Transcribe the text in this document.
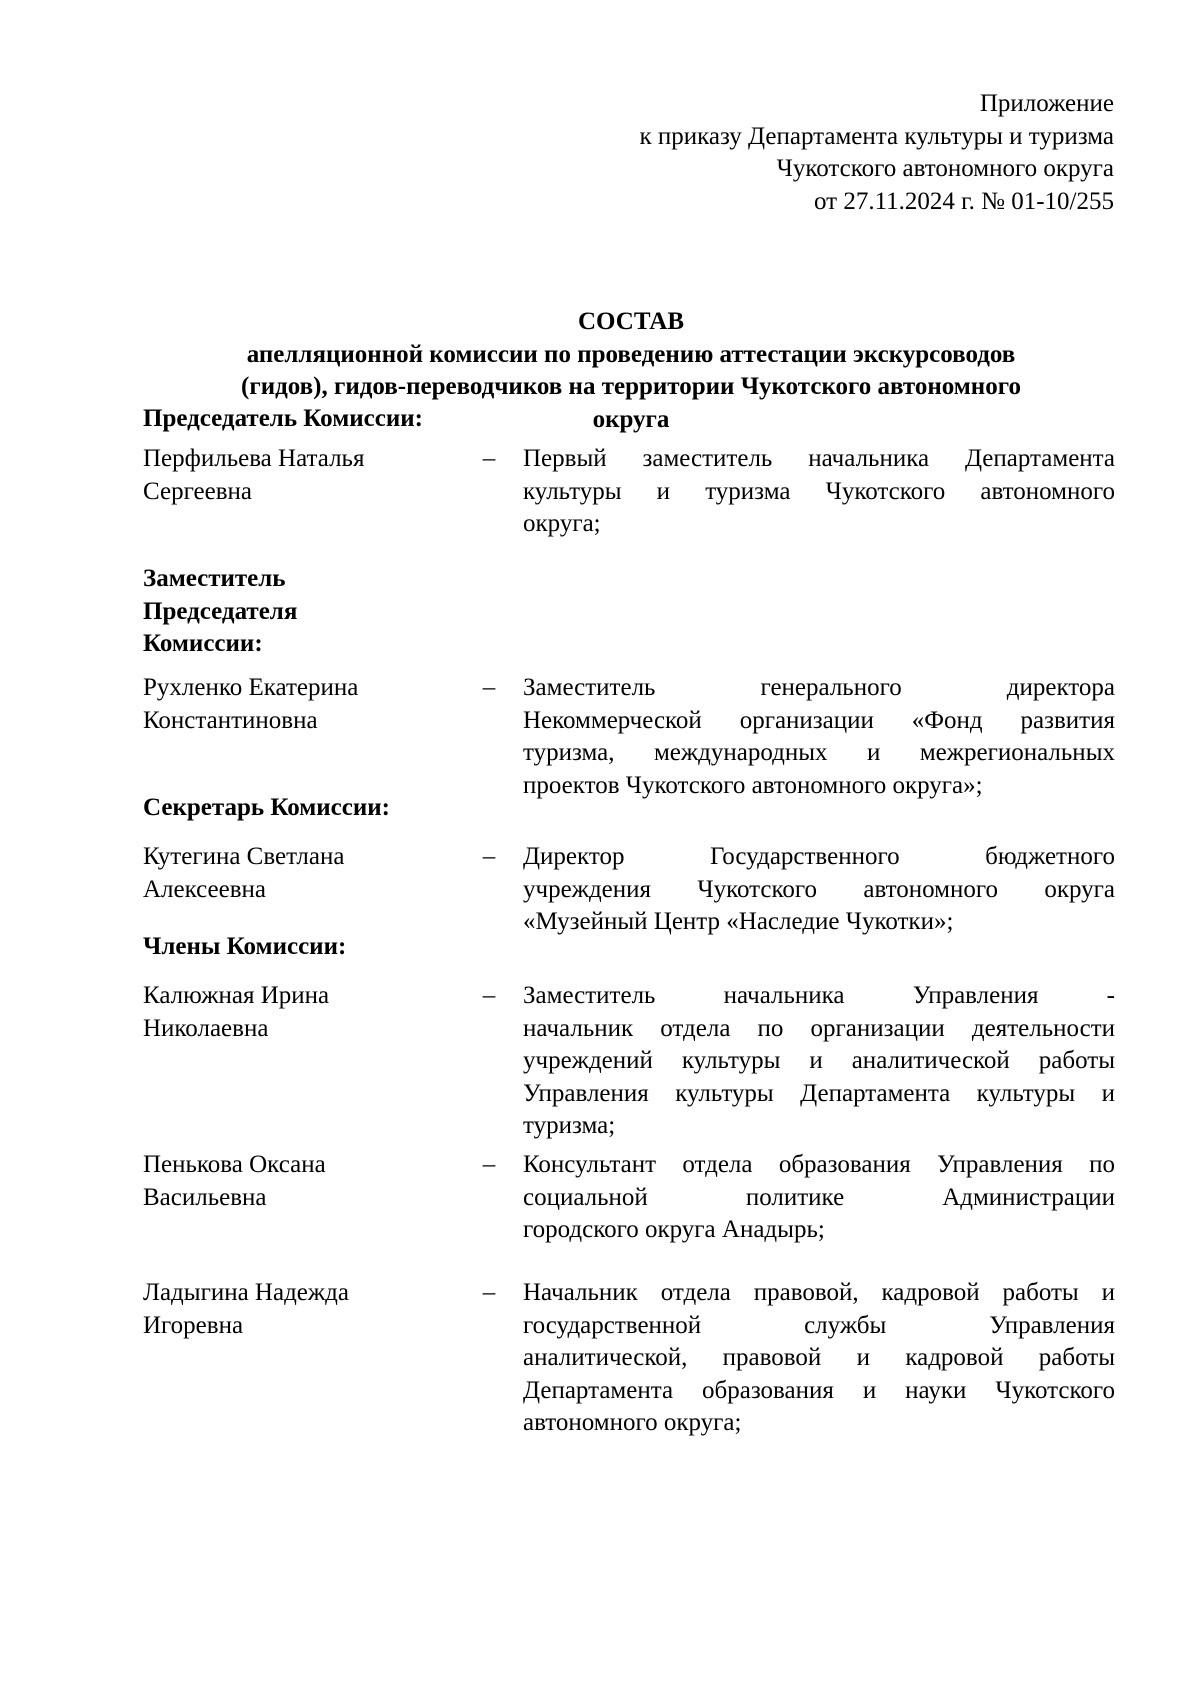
Приложение
к приказу Департамента культуры и туризма
Чукотского автономного округа
от 27.11.2024 г. № 01-10/255
СОСТАВ
апелляционной комиссии по проведению аттестации экскурсоводов
(гидов), гидов-переводчиков на территории Чукотского автономного
округа
Председатель Комиссии:
Перфильева Наталья
Сергеевна
– Первый заместитель начальника Департамента
культуры и туризма Чукотского автономного
округа;
Заместитель
Председателя
Комиссии:
Рухленко Екатерина
Константиновна
– Заместитель генерального директора
Некоммерческой организации «Фонд развития
туризма, международных и межрегиональных
проектов Чукотского автономного округа»;
Секретарь Комиссии:
Кутегина Светлана
Алексеевна
– Директор Государственного бюджетного
учреждения Чукотского автономного округа
«Музейный Центр «Наследие Чукотки»;
Члены Комиссии:
Калюжная Ирина
Николаевна
– Заместитель начальника Управления -
начальник отдела по организации деятельности
учреждений культуры и аналитической работы
Управления культуры Департамента культуры и
туризма;
Пенькова Оксана
Васильевна
– Консультант отдела образования Управления по
социальной политике Администрации
городского округа Анадырь;
Ладыгина Надежда
Игоревна
– Начальник отдела правовой, кадровой работы и
государственной службы Управления
аналитической, правовой и кадровой работы
Департамента образования и науки Чукотского
автономного округа;
